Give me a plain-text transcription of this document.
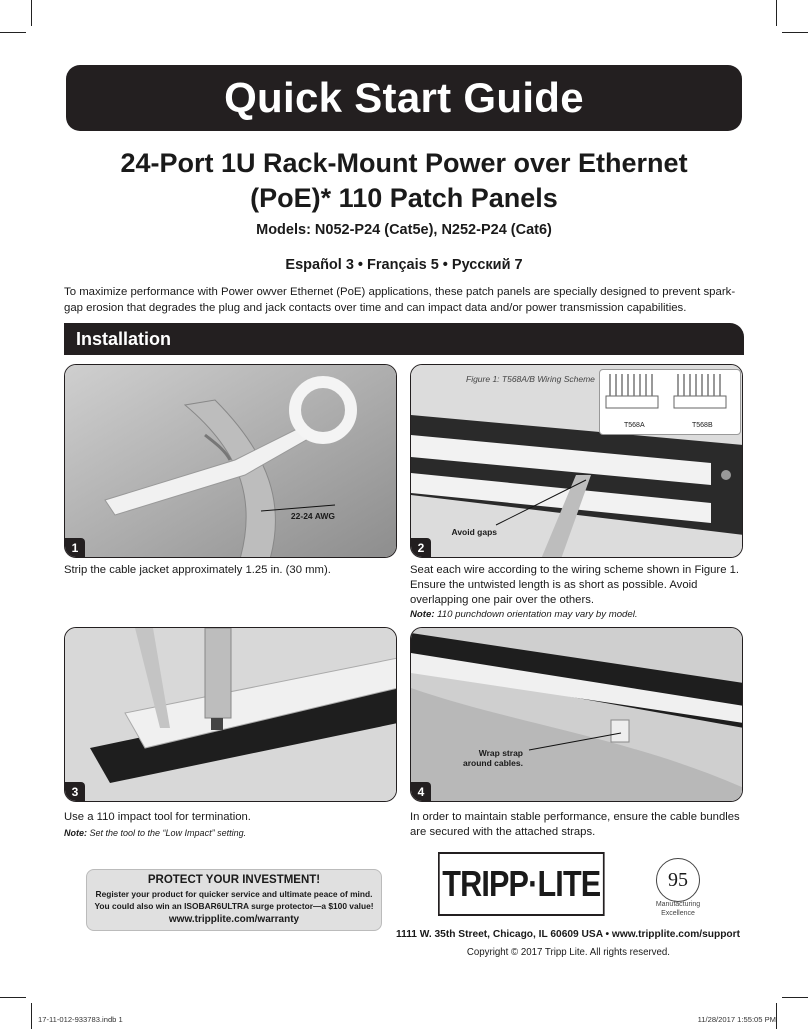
Quick Start Guide
24-Port 1U Rack-Mount Power over Ethernet
(PoE)* 110 Patch Panels
Models: N052-P24 (Cat5e), N252-P24 (Cat6)
Español 3 • Français 5 • Русский 7
To maximize performance with Power owver Ethernet (PoE) applications, these patch panels are specially designed to prevent spark-gap erosion that degrades the plug and jack contacts over time and can impact data and/or power transmission capabilities.
Installation
22-24 AWG
1
Strip the cable jacket approximately 1.25 in. (30 mm).
T568A	T568B
Figure 1: T568A/B Wiring Scheme
Avoid gaps
2
Seat each wire according to the wiring scheme shown in Figure 1. Ensure the untwisted length is as short as possible. Avoid overlapping one pair over the others.
Note: 110 punchdown orientation may vary by model.
3
Use a 110 impact tool for termination.
Note: Set the tool to the “Low Impact” setting.
Wrap strap
around cables.
4
In order to maintain stable performance, ensure the cable bundles are secured with the attached straps.
PROTECT YOUR INVESTMENT!
Register your product for quicker service and ultimate peace of mind.
You could also win an ISOBAR6ULTRA surge protector—a $100 value!
www.tripplite.com/warranty
TRIPP·LITE	95
Manufacturing Excellence
1111 W. 35th Street, Chicago, IL 60609 USA • www.tripplite.com/support
Copyright © 2017 Tripp Lite. All rights reserved.
17-11-012-933783.indb 1	11/28/2017 1:55:05 PM
